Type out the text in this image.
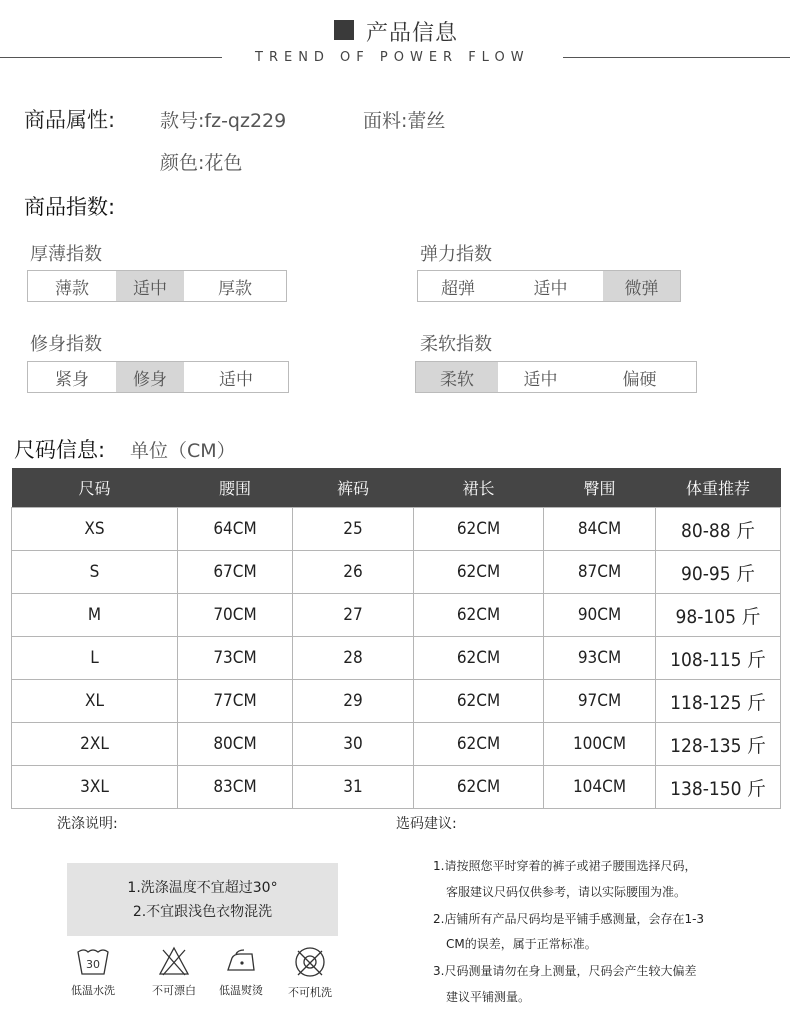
产品信息
TREND OF POWER FLOW
商品属性: 款号:fz-qz229	面料:蕾丝
颜色:花色
商品指数:
厚薄指数
薄款	适中	厚款
弹力指数
超弹	适中	微弹
修身指数
紧身	修身	适中
柔软指数
柔软	适中	偏硬
尺码信息: 单位（CM）
尺码	腰围	裤码	裙长	臀围	体重推荐
XS	64CM	25	62CM	84CM	80-88 斤
S	67CM	26	62CM	87CM	90-95 斤
M	70CM	27	62CM	90CM	98-105 斤
L	73CM	28	62CM	93CM	108-115 斤
XL	77CM	29	62CM	97CM	118-125 斤
2XL	80CM	30	62CM	100CM	128-135 斤
3XL	83CM	31	62CM	104CM	138-150 斤
洗涤说明:
1.洗涤温度不宜超过30°
2.不宜跟浅色衣物混洗
30
低温水洗	不可漂白	低温熨烫	不可机洗
选码建议:
1.请按照您平时穿着的裤子或裙子腰围选择尺码，
客服建议尺码仅供参考，请以实际腰围为准。
2.店铺所有产品尺码均是平铺手感测量，会存在1-3
CM的误差，属于正常标准。
3.尺码测量请勿在身上测量，尺码会产生较大偏差
建议平铺测量。
